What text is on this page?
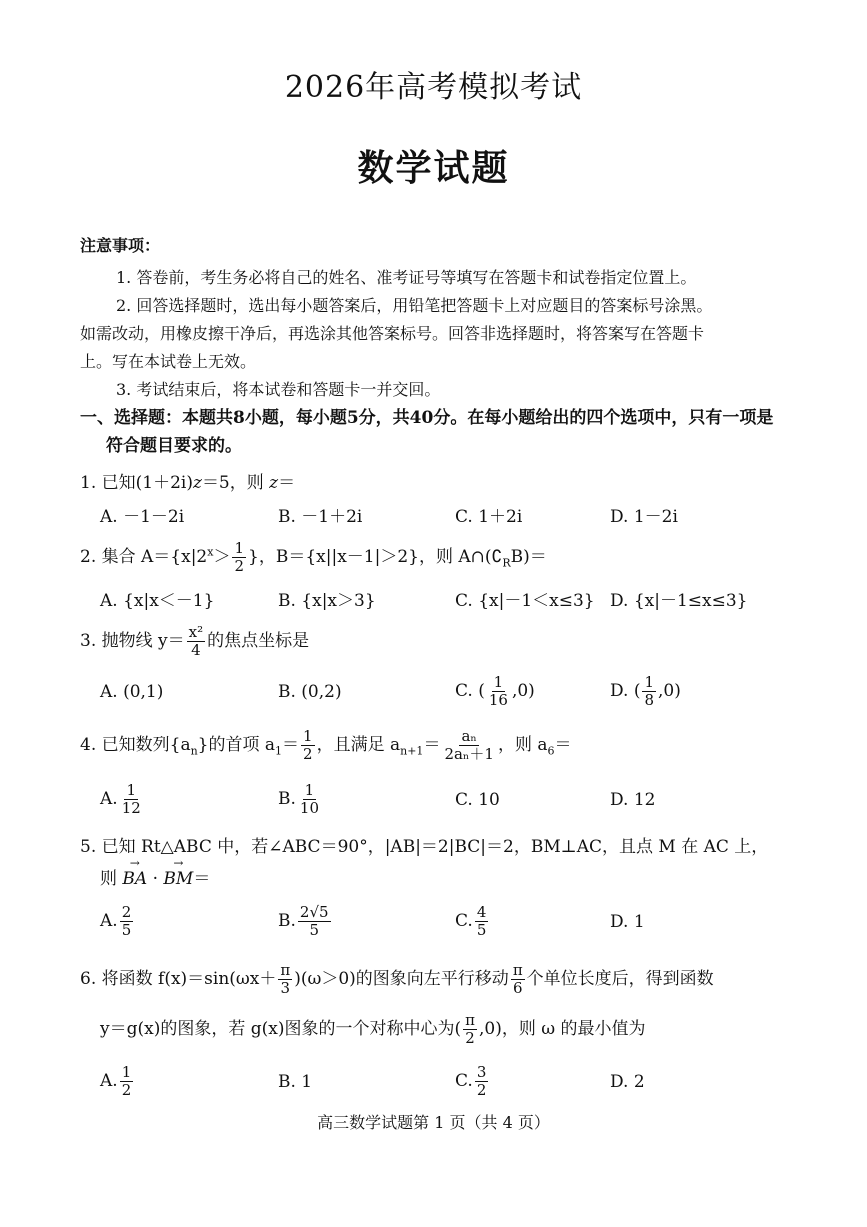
2026年高考模拟考试
数学试题
注意事项：
1. 答卷前，考生务必将自己的姓名、准考证号等填写在答题卡和试卷指定位置上。
2. 回答选择题时，选出每小题答案后，用铅笔把答题卡上对应题目的答案标号涂黑。
如需改动，用橡皮擦干净后，再选涂其他答案标号。回答非选择题时，将答案写在答题卡
上。写在本试卷上无效。
3. 考试结束后，将本试卷和答题卡一并交回。
一、选择题：本题共8小题，每小题5分，共40分。在每小题给出的四个选项中，只有一项是
符合题目要求的。
1. 已知(1＋2i)z＝5，则 z＝
A. －1－2i	B. －1＋2i	C. 1＋2i	D. 1－2i
2. 集合 $A=\{x|2^x> \frac{1}{2}$ }，B＝{x||x－1|＞2}，则 $A\cap(∁_RB)=$
A. {x|x＜－1}	B. {x|x＞3}	C. {x|－1＜x≤3} D. {x|－1≤x≤3}
3. 抛物线 $y= \frac{\text{x²}}{4}$ 的焦点坐标是
A. (0,1)	B. (0,2)	C. ( $\frac{1}{16} ,0$)	D. ( $\frac{1}{8} ,0$)
4. 已知数列$\{a_n\}$的首项 $a_1= \frac{1}{2}$ ，且满足 $a_{n+1}= \frac{\text{aₙ}}{\text{2aₙ＋1}}$ ，则 $a_6=$
A. $\frac{1}{12}$	B. $\frac{1}{10}$	C. 10	D. 12
5. 已知 Rt△ABC 中，若∠ABC＝90°，|AB|＝2|BC|＝2，BM⊥AC，且点 M 在 AC 上，
则 → BA · → BM＝
A. $\frac{2}{5}$	B. $\frac{2√5}{5}$	C. $\frac{4}{5}$	D. 1
6. 将函数 $f(x)=\sin(\omega x+ \frac{\pi}{3} )(\omega>0)$的图象向左平行移动 $\frac{\pi}{6}$ 个单位长度后，得到函数
y＝g(x)的图象，若 g(x)图象的一个对称中心为( $\frac{\pi}{2} ,0$)，则 ω 的最小值为
A. $\frac{1}{2}$	B. 1	C. $\frac{3}{2}$	D. 2
高三数学试题第 1 页（共 4 页）
